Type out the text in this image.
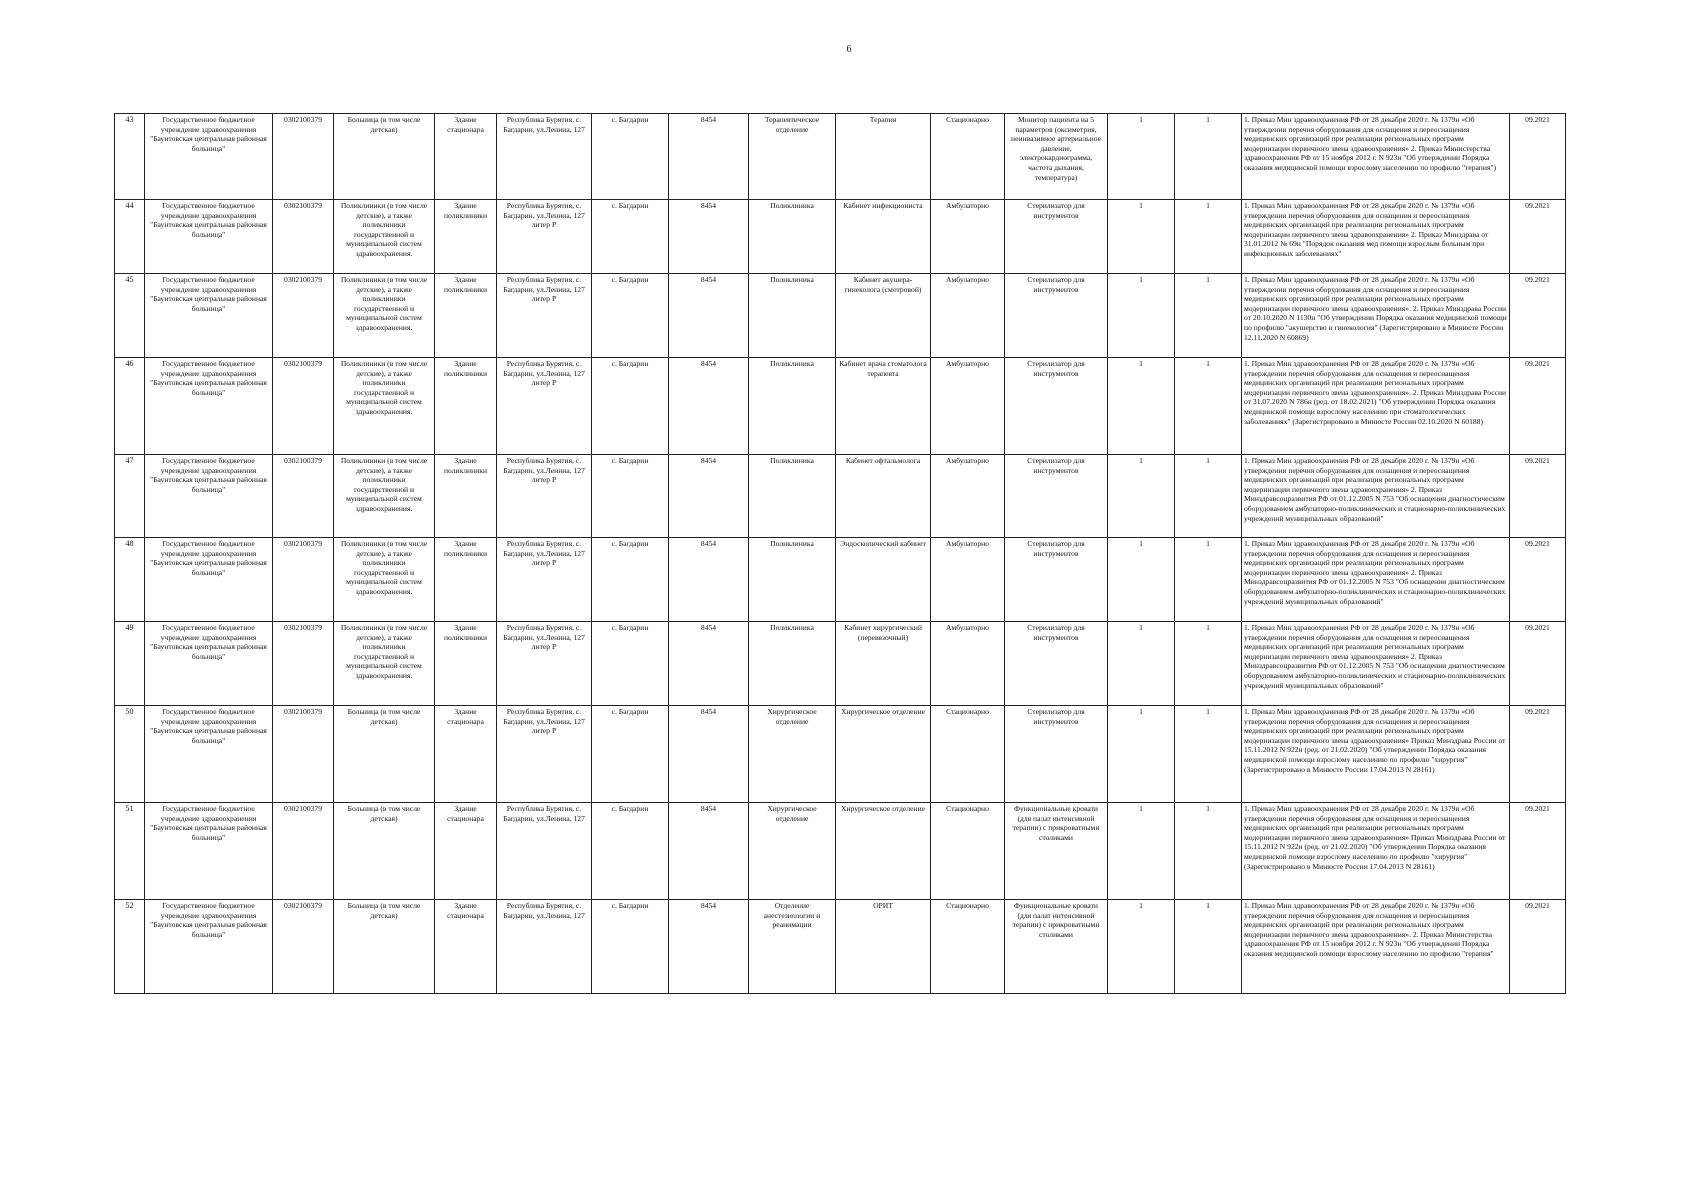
6
43	Государственное бюджетное учреждение здравоохранения "Баунтовская центральная районная больница"	0302100379	Больница (в том числе детская)	Здание стационара	Республика Бурятия, с. Багдарин, ул.Ленина, 127	с. Багдарин	8454	Терапевтическое отделение	Терапия	Стационарно	Монитор пациента на 5 параметров (оксиметрия, неинвазивное артериальное давление, электрокардиограмма, частота дыхания, температура)	1	1	1. Приказ Мин здравоохранения РФ от 28 декабря 2020 г. № 1379н «Об утверждении перечня оборудования для оснащения и переоснащения медицинских организаций при реализации региональных программ модернизации первичного звена здравоохранения» 2. Приказ Министерства здравоохранения РФ от 15 ноября 2012 г. N 923н "Об утверждении Порядка оказания медицинской помощи взрослому населению по профилю "терапия")	09.2021
44	Государственное бюджетное учреждение здравоохранения "Баунтовская центральная районная больница"	0302100379	Поликлиники (в том числе детские), а также поликлиники государственной и муниципальной систем здравоохранения.	Здание поликлиники	Республика Бурятия, с. Багдарин, ул.Ленина, 127 литер Р	с. Багдарин	8454	Поликлиника	Кабинет инфекциониста	Амбулаторно	Стерилизатор для инструментов	1	1	1. Приказ Мин здравоохранения РФ от 28 декабря 2020 г. № 1379н «Об утверждении перечня оборудования для оснащения и переоснащения медицинских организаций при реализации региональных программ модернизации первичного звена здравоохранения» 2. Приказ Минздрава от 31.01.2012 № 69н "Порядок оказания мед помощи взрослым больным при инфекционных заболеваниях"	09.2021
45	Государственное бюджетное учреждение здравоохранения "Баунтовская центральная районная больница"	0302100379	Поликлиники (в том числе детские), а также поликлиники государственной и муниципальной систем здравоохранения.	Здание поликлиники	Республика Бурятия, с. Багдарин, ул.Ленина, 127 литер Р	с. Багдарин	8454	Поликлиника	Кабинет акушера-гинеколога (смотровой)	Амбулаторно	Стерилизатор для инструментов	1	1	1. Приказ Мин здравоохранения РФ от 28 декабря 2020 г. № 1379н «Об утверждении перечня оборудования для оснащения и переоснащения медицинских организаций при реализации региональных программ модернизации первичного звена здравоохранения». 2. Приказ Минздрава России от 20.10.2020 N 1130н "Об утверждении Порядка оказания медицинской помощи по профилю "акушерство и гинекология" (Зарегистрировано в Минюсте России 12.11.2020 N 60869)	09.2021
46	Государственное бюджетное учреждение здравоохранения "Баунтовская центральная районная больница"	0302100379	Поликлиники (в том числе детские), а также поликлиники государственной и муниципальной систем здравоохранения.	Здание поликлиники	Республика Бурятия, с. Багдарин, ул.Ленина, 127 литер Р	с. Багдарин	8454	Поликлиника	Кабинет врача стоматолога терапевта	Амбулаторно	Стерилизатор для инструментов	1	1	1. Приказ Мин здравоохранения РФ от 28 декабря 2020 г. № 1379н «Об утверждении перечня оборудования для оснащения и переоснащения медицинских организаций при реализации региональных программ модернизации первичного звена здравоохранения». 2. Приказ Минздрава России от 31.07.2020 N 786н (ред. от 18.02.2021) "Об утверждении Порядка оказания медицинской помощи взрослому населению при стоматологических заболеваниях" (Зарегистрировано в Минюсте России 02.10.2020 N 60188)	09.2021
47	Государственное бюджетное учреждение здравоохранения "Баунтовская центральная районная больница"	0302100379	Поликлиники (в том числе детские), а также поликлиники государственной и муниципальной систем здравоохранения.	Здание поликлиники	Республика Бурятия, с. Багдарин, ул.Ленина, 127 литер Р	с. Багдарин	8454	Поликлиника	Кабинет офтальмолога	Амбулаторно	Стерилизатор для инструментов	1	1	1. Приказ Мин здравоохранения РФ от 28 декабря 2020 г. № 1379н «Об утверждении перечня оборудования для оснащения и переоснащения медицинских организаций при реализации региональных программ модернизации первичного звена здравоохранения» 2. Приказ Минздравсоцразвития РФ от 01.12.2005 N 753 "Об оснащении диагностическим оборудованием амбулаторно-поликлинических и стационарно-поликлинических учреждений муниципальных образований"	09.2021
48	Государственное бюджетное учреждение здравоохранения "Баунтовская центральная районная больница"	0302100379	Поликлиники (в том числе детские), а также поликлиники государственной и муниципальной систем здравоохранения.	Здание поликлиники	Республика Бурятия, с. Багдарин, ул.Ленина, 127 литер Р	с. Багдарин	8454	Поликлиника	Эндоскопический кабинет	Амбулаторно	Стерилизатор для инструментов	1	1	1. Приказ Мин здравоохранения РФ от 28 декабря 2020 г. № 1379н «Об утверждении перечня оборудования для оснащения и переоснащения медицинских организаций при реализации региональных программ модернизации первичного звена здравоохранения» 2. Приказ Минздравсоцразвития РФ от 01.12.2005 N 753 "Об оснащении диагностическим оборудованием амбулаторно-поликлинических и стационарно-поликлинических учреждений муниципальных образований"	09.2021
49	Государственное бюджетное учреждение здравоохранения "Баунтовская центральная районная больница"	0302100379	Поликлиники (в том числе детские), а также поликлиники государственной и муниципальной систем здравоохранения.	Здание поликлиники	Республика Бурятия, с. Багдарин, ул.Ленина, 127 литер Р	с. Багдарин	8454	Поликлиника	Кабинет хирургический (перевязочный)	Амбулаторно	Стерилизатор для инструментов	1	1	1. Приказ Мин здравоохранения РФ от 28 декабря 2020 г. № 1379н «Об утверждении перечня оборудования для оснащения и переоснащения медицинских организаций при реализации региональных программ модернизации первичного звена здравоохранения» 2. Приказ Минздравсоцразвития РФ от 01.12.2005 N 753 "Об оснащении диагностическим оборудованием амбулаторно-поликлинических и стационарно-поликлинических учреждений муниципальных образований"	09.2021
50	Государственное бюджетное учреждение здравоохранения "Баунтовская центральная районная больница"	0302100379	Больница (в том числе детская)	Здание стационара	Республика Бурятия, с. Багдарин, ул.Ленина, 127 литер Р	с. Багдарин	8454	Хирургическое отделение	Хирургическое отделение	Стационарно	Стерилизатор для инструментов	1	1	1. Приказ Мин здравоохранения РФ от 28 декабря 2020 г. № 1379н «Об утверждении перечня оборудования для оснащения и переоснащения медицинских организаций при реализации региональных программ модернизации первичного звена здравоохранения» Приказ Минздрава России от 15.11.2012 N 922н (ред. от 21.02.2020) "Об утверждении Порядка оказания медицинской помощи взрослому населению по профилю "хирургия" (Зарегистрировано в Минюсте России 17.04.2013 N 28161)	09.2021
51	Государственное бюджетное учреждение здравоохранения "Баунтовская центральная районная больница"	0302100379	Больница (в том числе детская)	Здание стационара	Республика Бурятия, с. Багдарин, ул.Ленина, 127	с. Багдарин	8454	Хирургическое отделение	Хирургическое отделение	Стационарно	Функциональные кровати (для палат интенсивной терапии) с прикроватными столиками	1	1	1. Приказ Мин здравоохранения РФ от 28 декабря 2020 г. № 1379н «Об утверждении перечня оборудования для оснащения и переоснащения медицинских организаций при реализации региональных программ модернизации первичного звена здравоохранения» Приказ Минздрава России от 15.11.2012 N 922н (ред. от 21.02.2020) "Об утверждении Порядка оказания медицинской помощи взрослому населению по профилю "хирургия" (Зарегистрировано в Минюсте России 17.04.2013 N 28161)	09.2021
52	Государственное бюджетное учреждение здравоохранения "Баунтовская центральная районная больница"	0302100379	Больница (в том числе детская)	Здание стационара	Республика Бурятия, с. Багдарин, ул.Ленина, 127	с. Багдарин	8454	Отделение анестезиологии и реанимации	ОРИТ	Стационарно	Функциональные кровати (для палат интенсивной терапии) с прикроватными столиками	1	1	1. Приказ Мин здравоохранения РФ от 28 декабря 2020 г. № 1379н «Об утверждении перечня оборудования для оснащения и переоснащения медицинских организаций при реализации региональных программ модернизации первичного звена здравоохранения». 2. Приказ Министерства здравоохранения РФ от 15 ноября 2012 г. N 923н "Об утверждении Порядка оказания медицинской помощи взрослому населению по профилю "терапия"	09.2021
